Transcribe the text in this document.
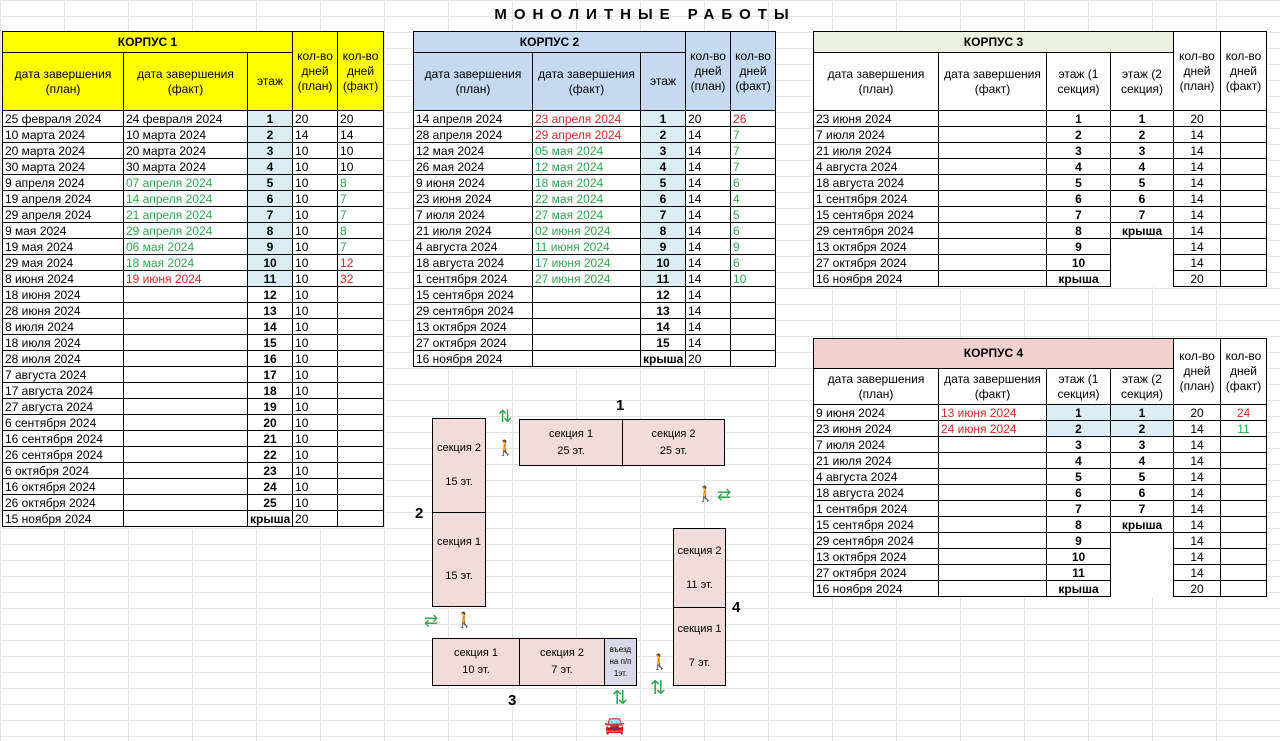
МОНОЛИТНЫЕ РАБОТЫ
КОРПУС 1			кол-во дней (план)	кол-во дней (факт)
дата завершения (план)	дата завершения (факт)	этаж		
25 февраля 2024	24 февраля 2024	1	20	20
10 марта 2024	10 марта 2024	2	14	14
20 марта 2024	20 марта 2024	3	10	10
30 марта 2024	30 марта 2024	4	10	10
9 апреля 2024	07 апреля 2024	5	10	8
19 апреля 2024	14 апреля 2024	6	10	7
29 апреля 2024	21 апреля 2024	7	10	7
9 мая 2024	29 апреля 2024	8	10	8
19 мая 2024	06 мая 2024	9	10	7
29 мая 2024	18 мая 2024	10	10	12
8 июня 2024	19 июня 2024	11	10	32
18 июня 2024		12	10	
28 июня 2024		13	10	
8 июля 2024		14	10	
18 июля 2024		15	10	
28 июля 2024		16	10	
7 августа 2024		17	10	
17 августа 2024		18	10	
27 августа 2024		19	10	
6 сентября 2024		20	10	
16 сентября 2024		21	10	
26 сентября 2024		22	10	
6 октября 2024		23	10	
16 октября 2024		24	10	
26 октября 2024		25	10	
15 ноября 2024		крыша	20	
КОРПУС 2			кол-во дней (план)	кол-во дней (факт)
дата завершения (план)	дата завершения (факт)	этаж		
14 апреля 2024	23 апреля 2024	1	20	26
28 апреля 2024	29 апреля 2024	2	14	7
12 мая 2024	05 мая 2024	3	14	7
26 мая 2024	12 мая 2024	4	14	7
9 июня 2024	18 мая 2024	5	14	6
23 июня 2024	22 мая 2024	6	14	4
7 июля 2024	27 мая 2024	7	14	5
21 июля 2024	02 июня 2024	8	14	6
4 августа 2024	11 июня 2024	9	14	9
18 августа 2024	17 июня 2024	10	14	6
1 сентября 2024	27 июня 2024	11	14	10
15 сентября 2024		12	14	
29 сентября 2024		13	14	
13 октября 2024		14	14	
27 октября 2024		15	14	
16 ноября 2024		крыша	20	
КОРПУС 3				кол-во дней (план)	кол-во дней (факт)
дата завершения (план)	дата завершения (факт)	этаж (1 секция)	этаж (2 секция)		
23 июня 2024		1	1	20	
7 июля 2024		2	2	14	
21 июля 2024		3	3	14	
4 августа 2024		4	4	14	
18 августа 2024		5	5	14	
1 сентября 2024		6	6	14	
15 сентября 2024		7	7	14	
29 сентября 2024		8	крыша	14	
13 октября 2024		9		14	
27 октября 2024		10		14	
16 ноября 2024		крыша		20	
КОРПУС 4				кол-во дней (план)	кол-во дней (факт)
дата завершения (план)	дата завершения (факт)	этаж (1 секция)	этаж (2 секция)		
9 июня 2024	13 июня 2024	1	1	20	24
23 июня 2024	24 июня 2024	2	2	14	11
7 июля 2024		3	3	14	
21 июля 2024		4	4	14	
4 августа 2024		5	5	14	
18 августа 2024		6	6	14	
1 сентября 2024		7	7	14	
15 сентября 2024		8	крыша	14	
29 сентября 2024		9		14	
13 октября 2024		10		14	
27 октября 2024		11		14	
16 ноября 2024		крыша		20	
1
секция 1
25 эт.
секция 2
25 эт.
2
секция 2

15 эт.
секция 1

15 эт.
3
секция 1
10 эт.
секция 2
7 эт.
въезд на п/п 1эт.
4
секция 2

11 эт.
секция 1

7 эт.
⇅
🚶
🚶 ⇄
⇄ 🚶
🚶
⇅
⇅
🚘
